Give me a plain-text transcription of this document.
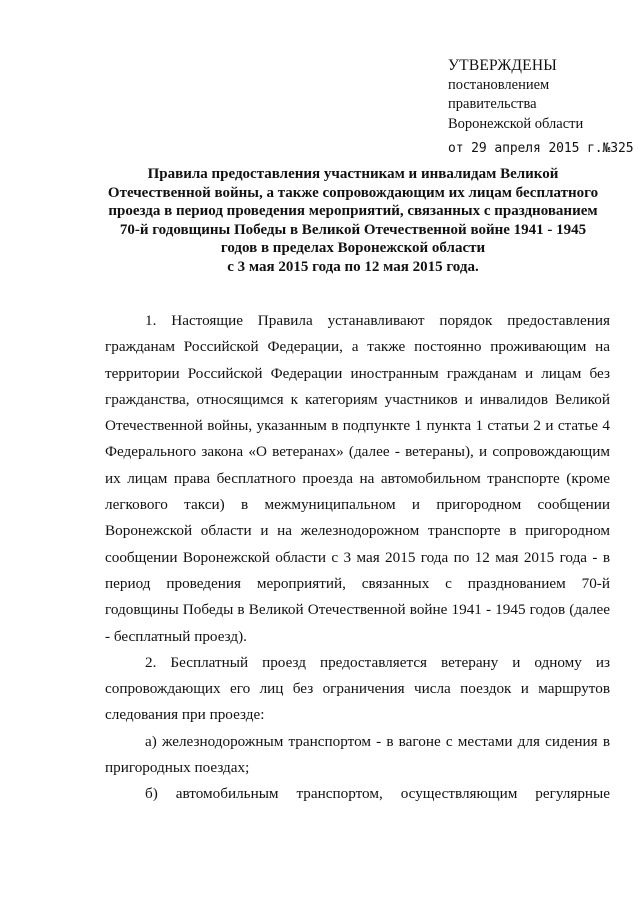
УТВЕРЖДЕНЫ
постановлением
правительства
Воронежской области
от 29 апреля 2015 г.№325
Правила предоставления участникам и инвалидам Великой
Отечественной войны, а также сопровождающим их лицам бесплатного
проезда в период проведения мероприятий, связанных с празднованием
70-й годовщины Победы в Великой Отечественной войне 1941 - 1945
годов в пределах Воронежской области
с 3 мая 2015 года по 12 мая 2015 года.
1. Настоящие Правила устанавливают порядок предоставления
гражданам Российской Федерации, а также постоянно проживающим на
территории Российской Федерации иностранным гражданам и лицам без
гражданства, относящимся к категориям участников и инвалидов Великой
Отечественной войны, указанным в подпункте 1 пункта 1 статьи 2 и статье 4
Федерального закона «О ветеранах» (далее - ветераны), и сопровождающим
их лицам права бесплатного проезда на автомобильном транспорте (кроме
легкового такси) в межмуниципальном и пригородном сообщении
Воронежской области и на железнодорожном транспорте в пригородном
сообщении Воронежской области с 3 мая 2015 года по 12 мая 2015 года - в
период проведения мероприятий, связанных с празднованием 70-й
годовщины Победы в Великой Отечественной войне 1941 - 1945 годов (далее
- бесплатный проезд).
2. Бесплатный проезд предоставляется ветерану и одному из
сопровождающих его лиц без ограничения числа поездок и маршрутов
следования при проезде:
а) железнодорожным транспортом - в вагоне с местами для сидения в
пригородных поездах;
б) автомобильным транспортом, осуществляющим регулярные
